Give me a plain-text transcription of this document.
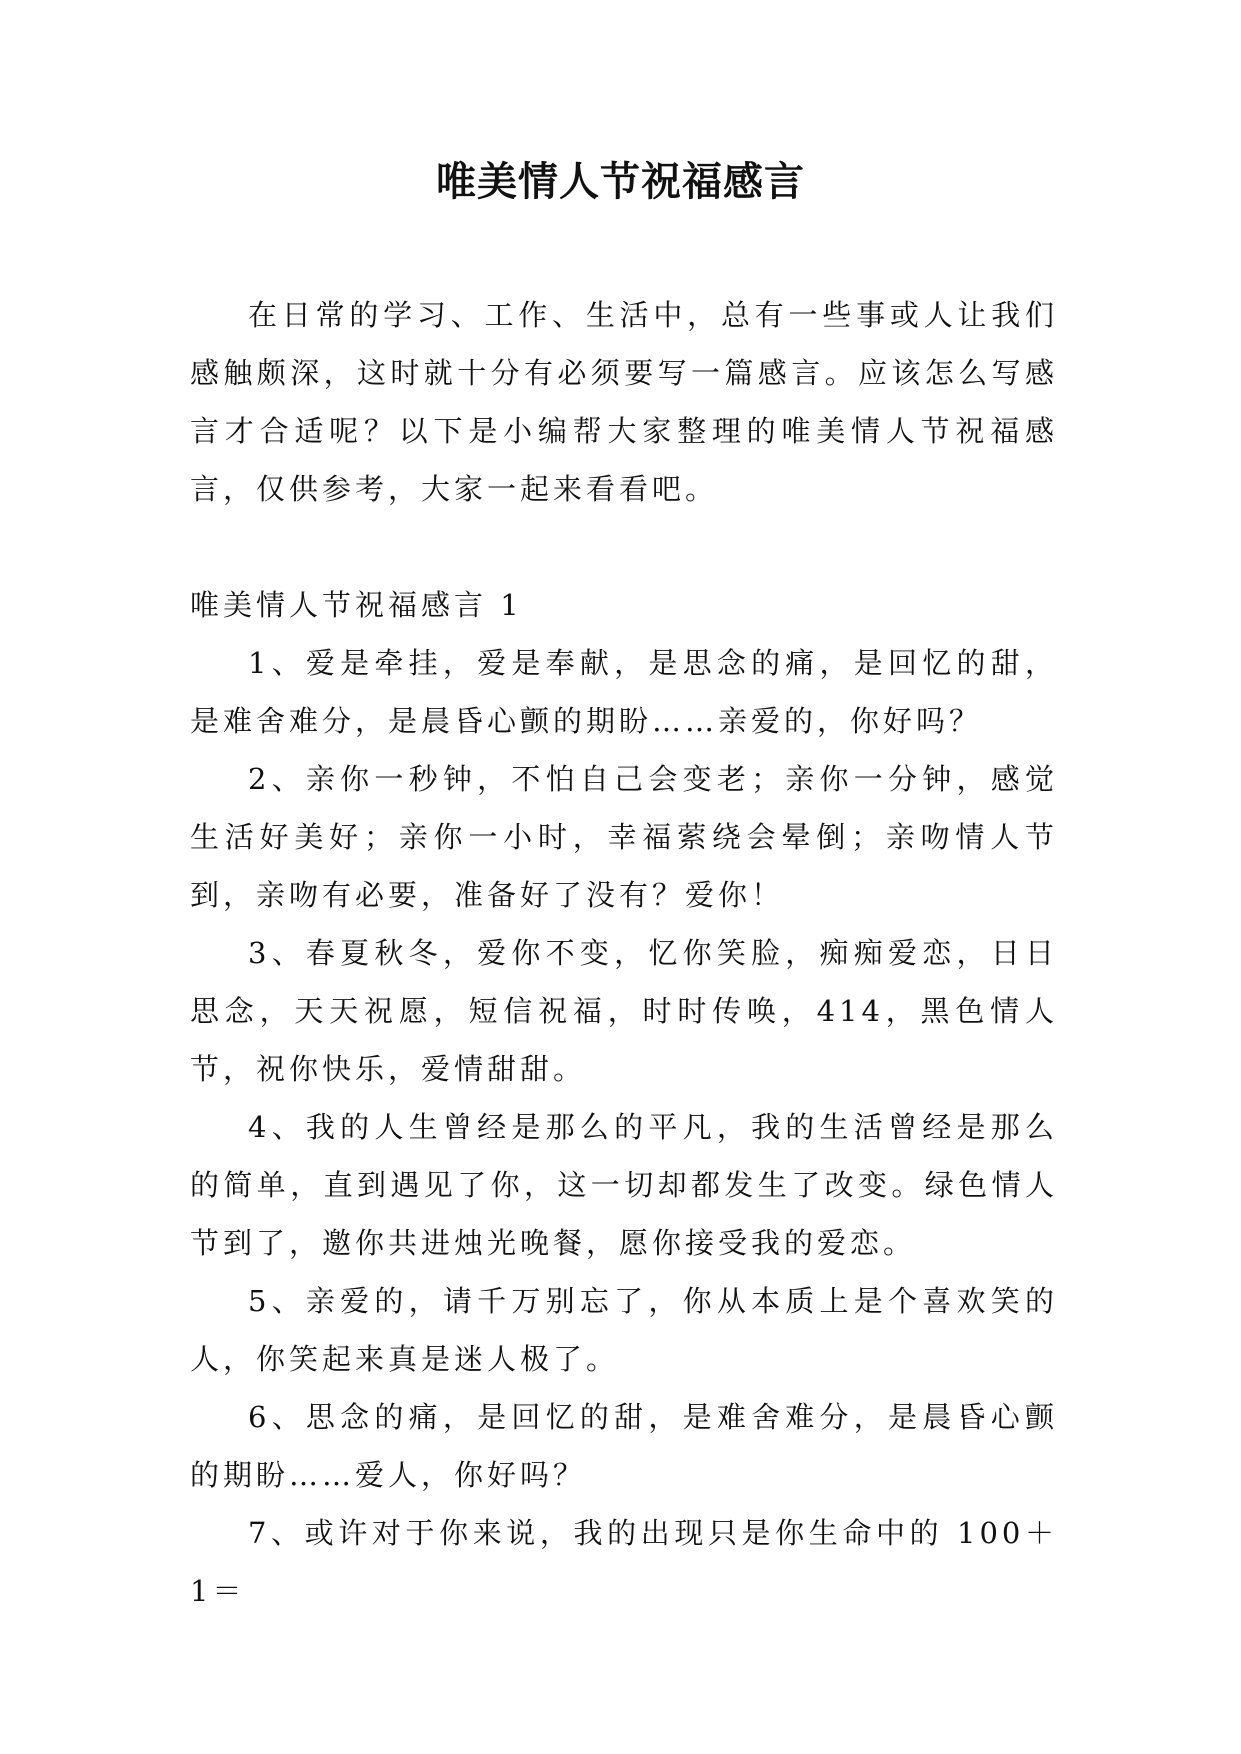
唯美情人节祝福感言

在日常的学习、工作、生活中，总有一些事或人让我们感触颇深，这时就十分有必须要写一篇感言。应该怎么写感言才合适呢？以下是小编帮大家整理的唯美情人节祝福感言，仅供参考，大家一起来看看吧。

唯美情人节祝福感言 1

1、爱是牵挂，爱是奉献，是思念的痛，是回忆的甜，是难舍难分，是晨昏心颤的期盼……亲爱的，你好吗？

2、亲你一秒钟，不怕自己会变老；亲你一分钟，感觉生活好美好；亲你一小时，幸福萦绕会晕倒；亲吻情人节到，亲吻有必要，准备好了没有？爱你！

3、春夏秋冬，爱你不变，忆你笑脸，痴痴爱恋，日日思念，天天祝愿，短信祝福，时时传唤，414，黑色情人节，祝你快乐，爱情甜甜。

4、我的人生曾经是那么的平凡，我的生活曾经是那么的简单，直到遇见了你，这一切却都发生了改变。绿色情人节到了，邀你共进烛光晚餐，愿你接受我的爱恋。

5、亲爱的，请千万别忘了，你从本质上是个喜欢笑的人，你笑起来真是迷人极了。

6、思念的痛，是回忆的甜，是难舍难分，是晨昏心颤的期盼……爱人，你好吗？

7、或许对于你来说，我的出现只是你生命中的 100＋1＝
